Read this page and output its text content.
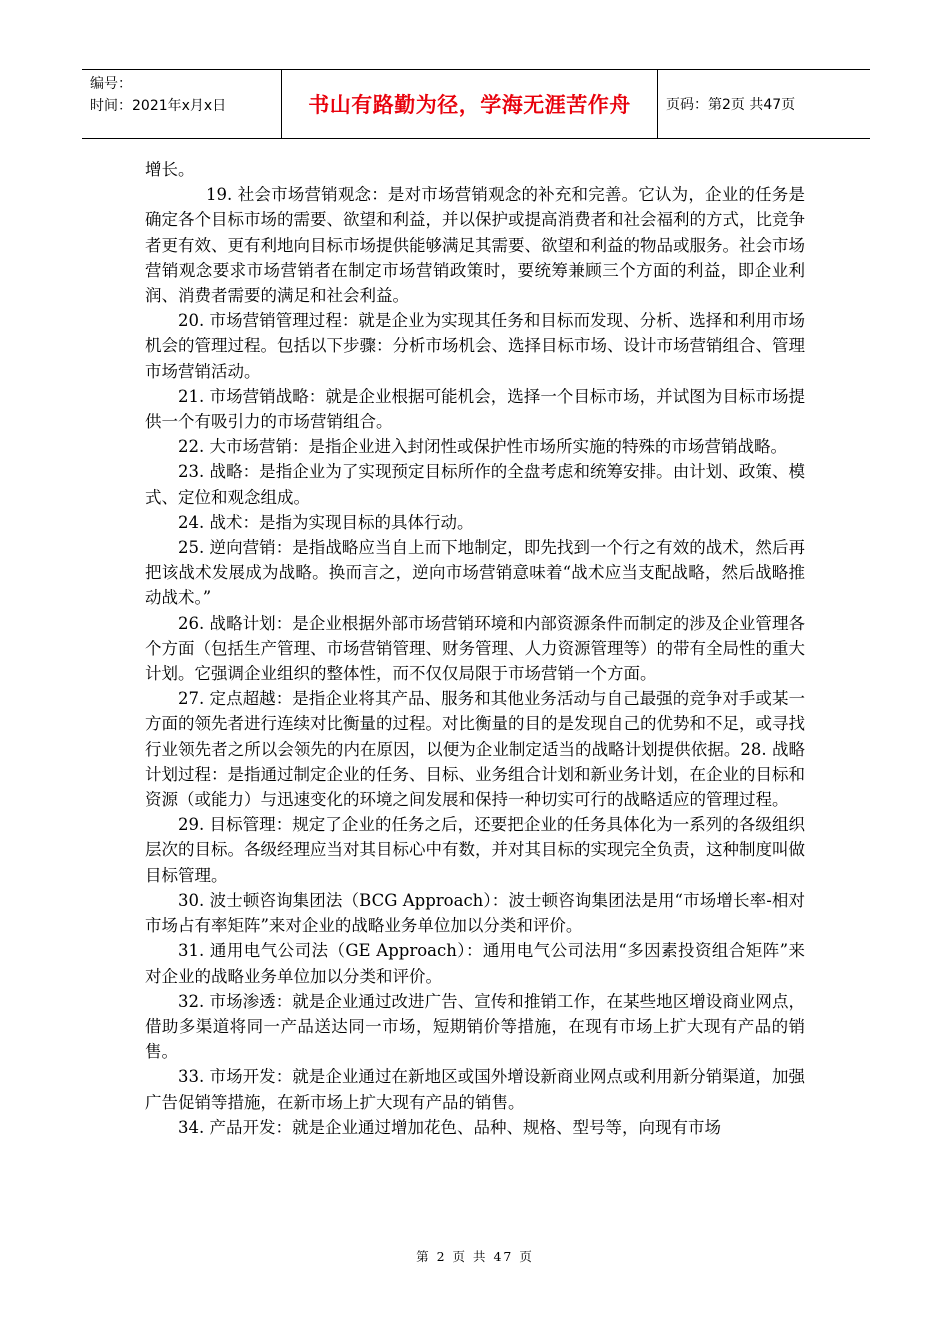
编号：
时间：2021年x月x日	书山有路勤为径，学海无涯苦作舟	页码：第2页 共47页

增长。

19. 社会市场营销观念：是对市场营销观念的补充和完善。它认为，企业的任务是确定各个目标市场的需要、欲望和利益，并以保护或提高消费者和社会福利的方式，比竞争者更有效、更有利地向目标市场提供能够满足其需要、欲望和利益的物品或服务。社会市场营销观念要求市场营销者在制定市场营销政策时，要统筹兼顾三个方面的利益，即企业利润、消费者需要的满足和社会利益。

20. 市场营销管理过程：就是企业为实现其任务和目标而发现、分析、选择和利用市场机会的管理过程。包括以下步骤：分析市场机会、选择目标市场、设计市场营销组合、管理市场营销活动。

21. 市场营销战略：就是企业根据可能机会，选择一个目标市场，并试图为目标市场提供一个有吸引力的市场营销组合。

22. 大市场营销：是指企业进入封闭性或保护性市场所实施的特殊的市场营销战略。

23. 战略：是指企业为了实现预定目标所作的全盘考虑和统筹安排。由计划、政策、模式、定位和观念组成。

24. 战术：是指为实现目标的具体行动。

25. 逆向营销：是指战略应当自上而下地制定，即先找到一个行之有效的战术，然后再把该战术发展成为战略。换而言之，逆向市场营销意味着“战术应当支配战略，然后战略推动战术。”

26. 战略计划：是企业根据外部市场营销环境和内部资源条件而制定的涉及企业管理各个方面（包括生产管理、市场营销管理、财务管理、人力资源管理等）的带有全局性的重大计划。它强调企业组织的整体性，而不仅仅局限于市场营销一个方面。

27. 定点超越：是指企业将其产品、服务和其他业务活动与自己最强的竞争对手或某一方面的领先者进行连续对比衡量的过程。对比衡量的目的是发现自己的优势和不足，或寻找行业领先者之所以会领先的内在原因，以便为企业制定适当的战略计划提供依据。28. 战略计划过程：是指通过制定企业的任务、目标、业务组合计划和新业务计划，在企业的目标和资源（或能力）与迅速变化的环境之间发展和保持一种切实可行的战略适应的管理过程。

29. 目标管理：规定了企业的任务之后，还要把企业的任务具体化为一系列的各级组织层次的目标。各级经理应当对其目标心中有数，并对其目标的实现完全负责，这种制度叫做目标管理。

30. 波士顿咨询集团法（BCG Approach）：波士顿咨询集团法是用“市场增长率-相对市场占有率矩阵”来对企业的战略业务单位加以分类和评价。

31. 通用电气公司法（GE Approach）：通用电气公司法用“多因素投资组合矩阵”来对企业的战略业务单位加以分类和评价。

32. 市场渗透：就是企业通过改进广告、宣传和推销工作，在某些地区增设商业网点，借助多渠道将同一产品送达同一市场，短期销价等措施，在现有市场上扩大现有产品的销售。

33. 市场开发：就是企业通过在新地区或国外增设新商业网点或利用新分销渠道，加强广告促销等措施，在新市场上扩大现有产品的销售。

34. 产品开发：就是企业通过增加花色、品种、规格、型号等，向现有市场

第 2 页 共 47 页
